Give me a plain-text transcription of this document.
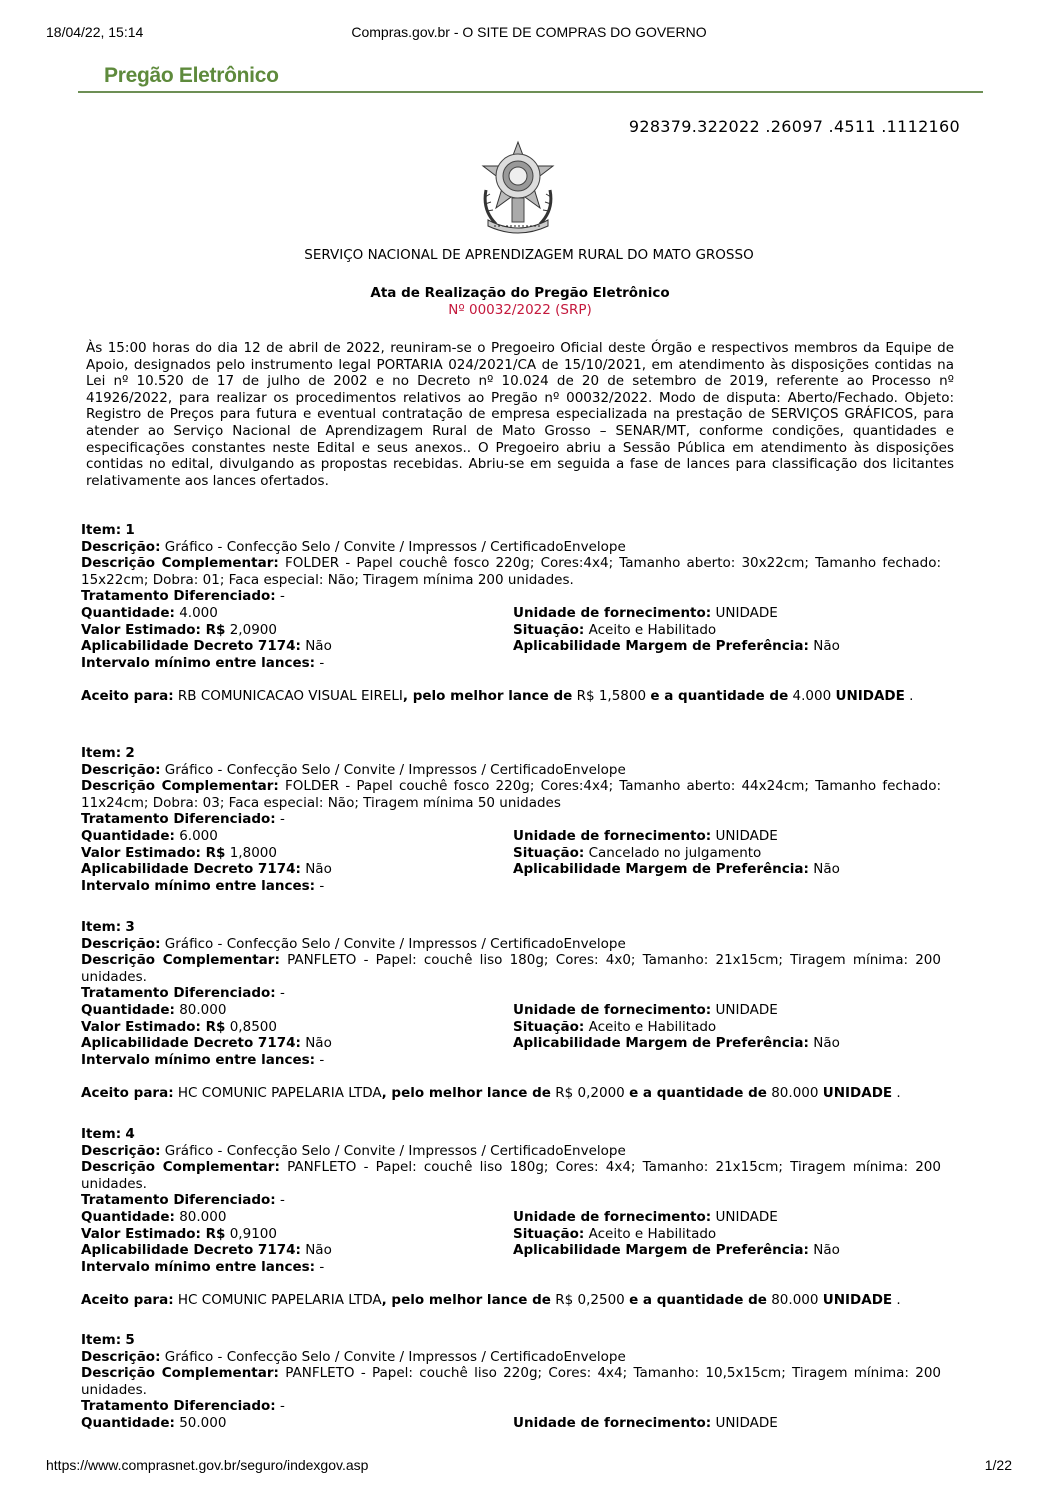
18/04/22, 15:14	Compras.gov.br - O SITE DE COMPRAS DO GOVERNO
Pregão Eletrônico
928379.322022 .26097 .4511 .1112160
SERVIÇO NACIONAL DE APRENDIZAGEM RURAL DO MATO GROSSO
Ata de Realização do Pregão Eletrônico
Nº 00032/2022 (SRP)
Às 15:00 horas do dia 12 de abril de 2022, reuniram-se o Pregoeiro Oficial deste Órgão e respectivos membros da Equipe de Apoio, designados pelo instrumento legal PORTARIA 024/2021/CA de 15/10/2021, em atendimento às disposições contidas na Lei nº 10.520 de 17 de julho de 2002 e no Decreto nº 10.024 de 20 de setembro de 2019, referente ao Processo nº 41926/2022, para realizar os procedimentos relativos ao Pregão nº 00032/2022. Modo de disputa: Aberto/Fechado. Objeto: Registro de Preços para futura e eventual contratação de empresa especializada na prestação de SERVIÇOS GRÁFICOS, para atender ao Serviço Nacional de Aprendizagem Rural de Mato Grosso – SENAR/MT, conforme condições, quantidades e especificações constantes neste Edital e seus anexos.. O Pregoeiro abriu a Sessão Pública em atendimento às disposições contidas no edital, divulgando as propostas recebidas. Abriu-se em seguida a fase de lances para classificação dos licitantes relativamente aos lances ofertados.
Item: 1
Descrição: Gráfico - Confecção Selo / Convite / Impressos / CertificadoEnvelope
Descrição Complementar: FOLDER - Papel couchê fosco 220g; Cores:4x4; Tamanho aberto: 30x22cm; Tamanho fechado: 15x22cm; Dobra: 01; Faca especial: Não; Tiragem mínima 200 unidades.
Tratamento Diferenciado: -
Quantidade: 4.000	Unidade de fornecimento: UNIDADE
Valor Estimado: R$ 2,0900	Situação: Aceito e Habilitado
Aplicabilidade Decreto 7174: Não	Aplicabilidade Margem de Preferência: Não
Intervalo mínimo entre lances: -
Aceito para: RB COMUNICACAO VISUAL EIRELI, pelo melhor lance de R$ 1,5800 e a quantidade de 4.000 UNIDADE .
Item: 2
Descrição: Gráfico - Confecção Selo / Convite / Impressos / CertificadoEnvelope
Descrição Complementar: FOLDER - Papel couchê fosco 220g; Cores:4x4; Tamanho aberto: 44x24cm; Tamanho fechado: 11x24cm; Dobra: 03; Faca especial: Não; Tiragem mínima 50 unidades
Tratamento Diferenciado: -
Quantidade: 6.000	Unidade de fornecimento: UNIDADE
Valor Estimado: R$ 1,8000	Situação: Cancelado no julgamento
Aplicabilidade Decreto 7174: Não	Aplicabilidade Margem de Preferência: Não
Intervalo mínimo entre lances: -
Item: 3
Descrição: Gráfico - Confecção Selo / Convite / Impressos / CertificadoEnvelope
Descrição Complementar: PANFLETO - Papel: couchê liso 180g; Cores: 4x0; Tamanho: 21x15cm; Tiragem mínima: 200 unidades.
Tratamento Diferenciado: -
Quantidade: 80.000	Unidade de fornecimento: UNIDADE
Valor Estimado: R$ 0,8500	Situação: Aceito e Habilitado
Aplicabilidade Decreto 7174: Não	Aplicabilidade Margem de Preferência: Não
Intervalo mínimo entre lances: -
Aceito para: HC COMUNIC PAPELARIA LTDA, pelo melhor lance de R$ 0,2000 e a quantidade de 80.000 UNIDADE .
Item: 4
Descrição: Gráfico - Confecção Selo / Convite / Impressos / CertificadoEnvelope
Descrição Complementar: PANFLETO - Papel: couchê liso 180g; Cores: 4x4; Tamanho: 21x15cm; Tiragem mínima: 200 unidades.
Tratamento Diferenciado: -
Quantidade: 80.000	Unidade de fornecimento: UNIDADE
Valor Estimado: R$ 0,9100	Situação: Aceito e Habilitado
Aplicabilidade Decreto 7174: Não	Aplicabilidade Margem de Preferência: Não
Intervalo mínimo entre lances: -
Aceito para: HC COMUNIC PAPELARIA LTDA, pelo melhor lance de R$ 0,2500 e a quantidade de 80.000 UNIDADE .
Item: 5
Descrição: Gráfico - Confecção Selo / Convite / Impressos / CertificadoEnvelope
Descrição Complementar: PANFLETO - Papel: couchê liso 220g; Cores: 4x4; Tamanho: 10,5x15cm; Tiragem mínima: 200 unidades.
Tratamento Diferenciado: -
Quantidade: 50.000	Unidade de fornecimento: UNIDADE
https://www.comprasnet.gov.br/seguro/indexgov.asp	1/22
